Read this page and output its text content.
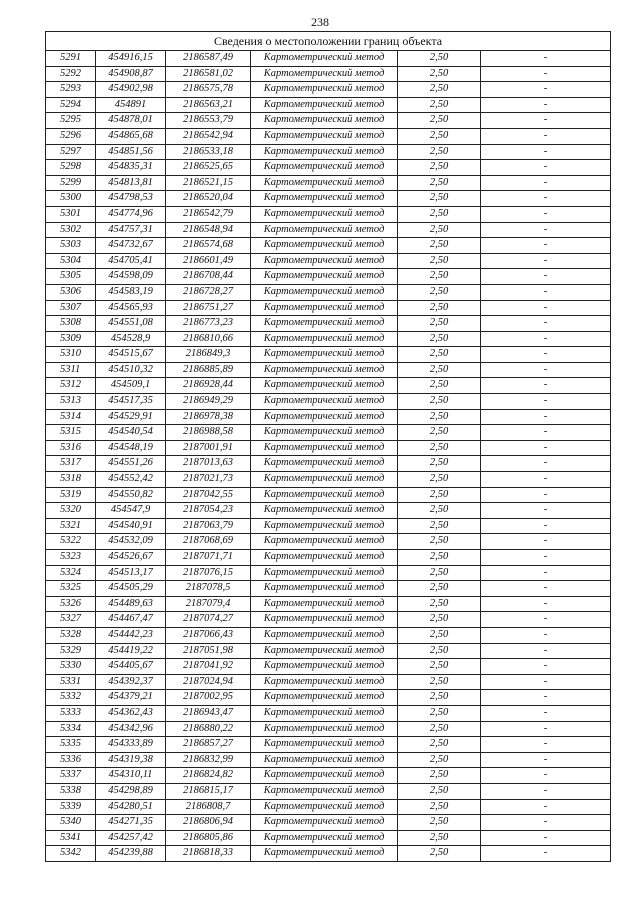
238
Сведения о местоположении границ объекта					
5291	454916,15	2186587,49	Картометрический метод	2,50	-
5292	454908,87	2186581,02	Картометрический метод	2,50	-
5293	454902,98	2186575,78	Картометрический метод	2,50	-
5294	454891	2186563,21	Картометрический метод	2,50	-
5295	454878,01	2186553,79	Картометрический метод	2,50	-
5296	454865,68	2186542,94	Картометрический метод	2,50	-
5297	454851,56	2186533,18	Картометрический метод	2,50	-
5298	454835,31	2186525,65	Картометрический метод	2,50	-
5299	454813,81	2186521,15	Картометрический метод	2,50	-
5300	454798,53	2186520,04	Картометрический метод	2,50	-
5301	454774,96	2186542,79	Картометрический метод	2,50	-
5302	454757,31	2186548,94	Картометрический метод	2,50	-
5303	454732,67	2186574,68	Картометрический метод	2,50	-
5304	454705,41	2186601,49	Картометрический метод	2,50	-
5305	454598,09	2186708,44	Картометрический метод	2,50	-
5306	454583,19	2186728,27	Картометрический метод	2,50	-
5307	454565,93	2186751,27	Картометрический метод	2,50	-
5308	454551,08	2186773,23	Картометрический метод	2,50	-
5309	454528,9	2186810,66	Картометрический метод	2,50	-
5310	454515,67	2186849,3	Картометрический метод	2,50	-
5311	454510,32	2186885,89	Картометрический метод	2,50	-
5312	454509,1	2186928,44	Картометрический метод	2,50	-
5313	454517,35	2186949,29	Картометрический метод	2,50	-
5314	454529,91	2186978,38	Картометрический метод	2,50	-
5315	454540,54	2186988,58	Картометрический метод	2,50	-
5316	454548,19	2187001,91	Картометрический метод	2,50	-
5317	454551,26	2187013,63	Картометрический метод	2,50	-
5318	454552,42	2187021,73	Картометрический метод	2,50	-
5319	454550,82	2187042,55	Картометрический метод	2,50	-
5320	454547,9	2187054,23	Картометрический метод	2,50	-
5321	454540,91	2187063,79	Картометрический метод	2,50	-
5322	454532,09	2187068,69	Картометрический метод	2,50	-
5323	454526,67	2187071,71	Картометрический метод	2,50	-
5324	454513,17	2187076,15	Картометрический метод	2,50	-
5325	454505,29	2187078,5	Картометрический метод	2,50	-
5326	454489,63	2187079,4	Картометрический метод	2,50	-
5327	454467,47	2187074,27	Картометрический метод	2,50	-
5328	454442,23	2187066,43	Картометрический метод	2,50	-
5329	454419,22	2187051,98	Картометрический метод	2,50	-
5330	454405,67	2187041,92	Картометрический метод	2,50	-
5331	454392,37	2187024,94	Картометрический метод	2,50	-
5332	454379,21	2187002,95	Картометрический метод	2,50	-
5333	454362,43	2186943,47	Картометрический метод	2,50	-
5334	454342,96	2186880,22	Картометрический метод	2,50	-
5335	454333,89	2186857,27	Картометрический метод	2,50	-
5336	454319,38	2186832,99	Картометрический метод	2,50	-
5337	454310,11	2186824,82	Картометрический метод	2,50	-
5338	454298,89	2186815,17	Картометрический метод	2,50	-
5339	454280,51	2186808,7	Картометрический метод	2,50	-
5340	454271,35	2186806,94	Картометрический метод	2,50	-
5341	454257,42	2186805,86	Картометрический метод	2,50	-
5342	454239,88	2186818,33	Картометрический метод	2,50	-
